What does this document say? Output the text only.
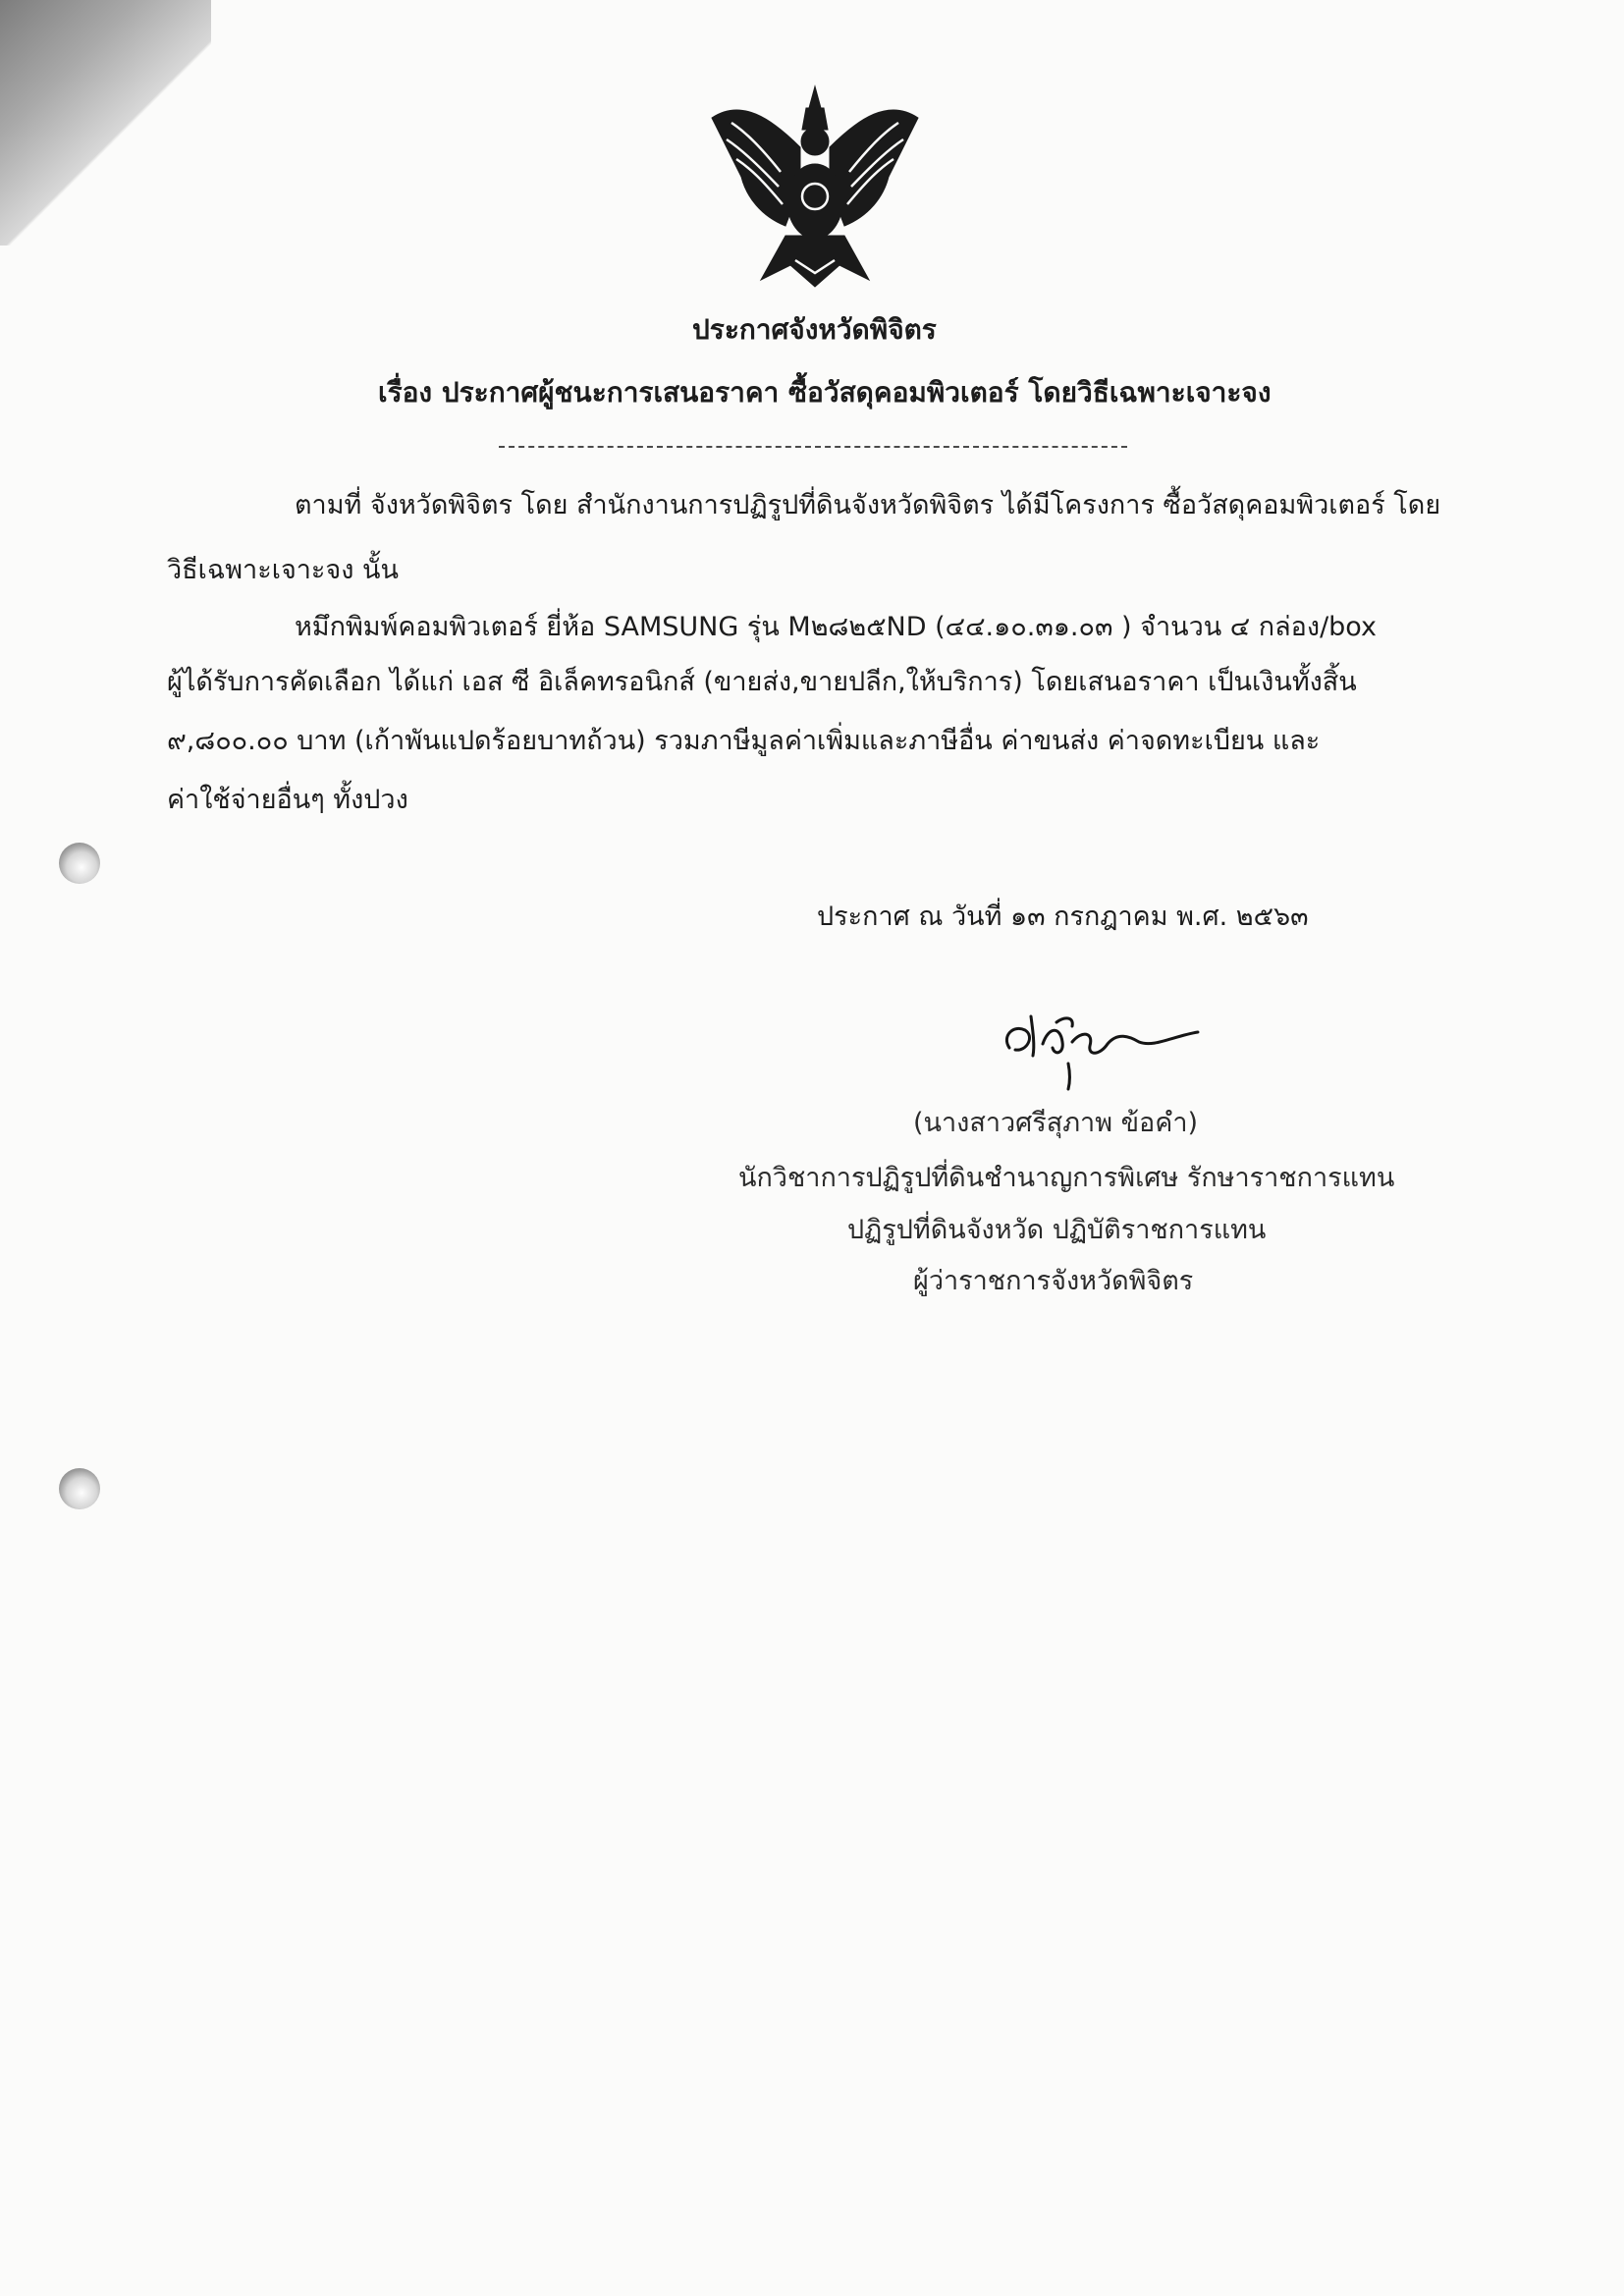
ประกาศจังหวัดพิจิตร
เรื่อง ประกาศผู้ชนะการเสนอราคา ซื้อวัสดุคอมพิวเตอร์ โดยวิธีเฉพาะเจาะจง
ตามที่ จังหวัดพิจิตร โดย สำนักงานการปฏิรูปที่ดินจังหวัดพิจิตร ได้มีโครงการ ซื้อวัสดุคอมพิวเตอร์ โดย
วิธีเฉพาะเจาะจง นั้น
หมึกพิมพ์คอมพิวเตอร์ ยี่ห้อ SAMSUNG รุ่น M๒๘๒๕ND (๔๔.๑๐.๓๑.๐๓ ) จำนวน ๔ กล่อง/box
ผู้ได้รับการคัดเลือก ได้แก่ เอส ซี อิเล็คทรอนิกส์ (ขายส่ง,ขายปลีก,ให้บริการ) โดยเสนอราคา เป็นเงินทั้งสิ้น
๙,๘๐๐.๐๐ บาท (เก้าพันแปดร้อยบาทถ้วน) รวมภาษีมูลค่าเพิ่มและภาษีอื่น ค่าขนส่ง ค่าจดทะเบียน และ
ค่าใช้จ่ายอื่นๆ ทั้งปวง
ประกาศ ณ วันที่ ๑๓ กรกฎาคม พ.ศ. ๒๕๖๓
(นางสาวศรีสุภาพ ข้อคำ)
นักวิชาการปฏิรูปที่ดินชำนาญการพิเศษ รักษาราชการแทน
ปฏิรูปที่ดินจังหวัด ปฏิบัติราชการแทน
ผู้ว่าราชการจังหวัดพิจิตร
